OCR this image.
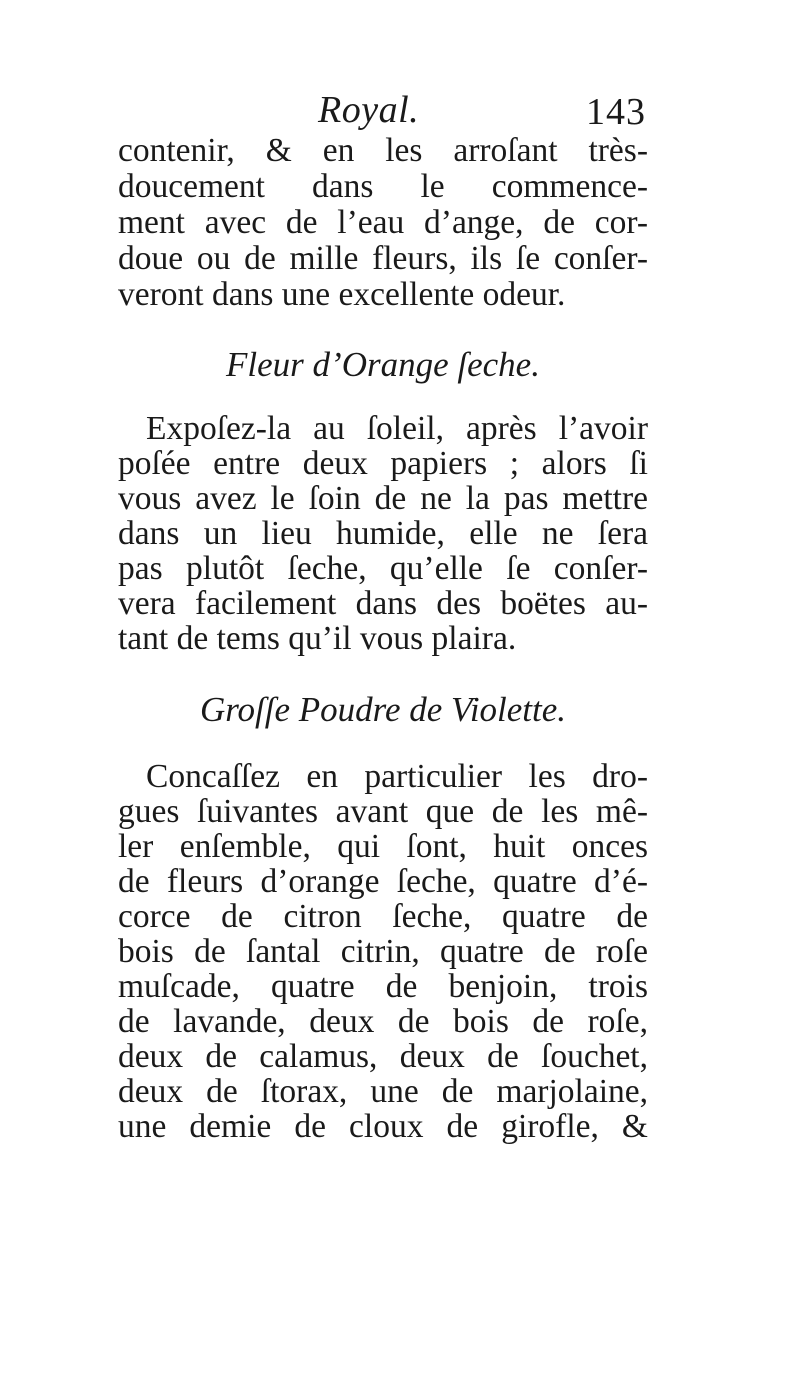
Royal.	143
contenir, & en les arroſant très-
doucement dans le commence-
ment avec de l’eau d’ange, de cor-
doue ou de mille fleurs, ils ſe conſer-
veront dans une excellente odeur.
Fleur d’Orange ſeche.
Expoſez-la au ſoleil, après l’avoir
poſée entre deux papiers ; alors ſi
vous avez le ſoin de ne la pas mettre
dans un lieu humide, elle ne ſera
pas plutôt ſeche, qu’elle ſe conſer-
vera facilement dans des boëtes au-
tant de tems qu’il vous plaira.
Groſſe Poudre de Violette.
Concaſſez en particulier les dro-
gues ſuivantes avant que de les mê-
ler enſemble, qui ſont, huit onces
de fleurs d’orange ſeche, quatre d’é-
corce de citron ſeche, quatre de
bois de ſantal citrin, quatre de roſe
muſcade, quatre de benjoin, trois
de lavande, deux de bois de roſe,
deux de calamus, deux de ſouchet,
deux de ſtorax, une de marjolaine,
une demie de cloux de girofle, &
